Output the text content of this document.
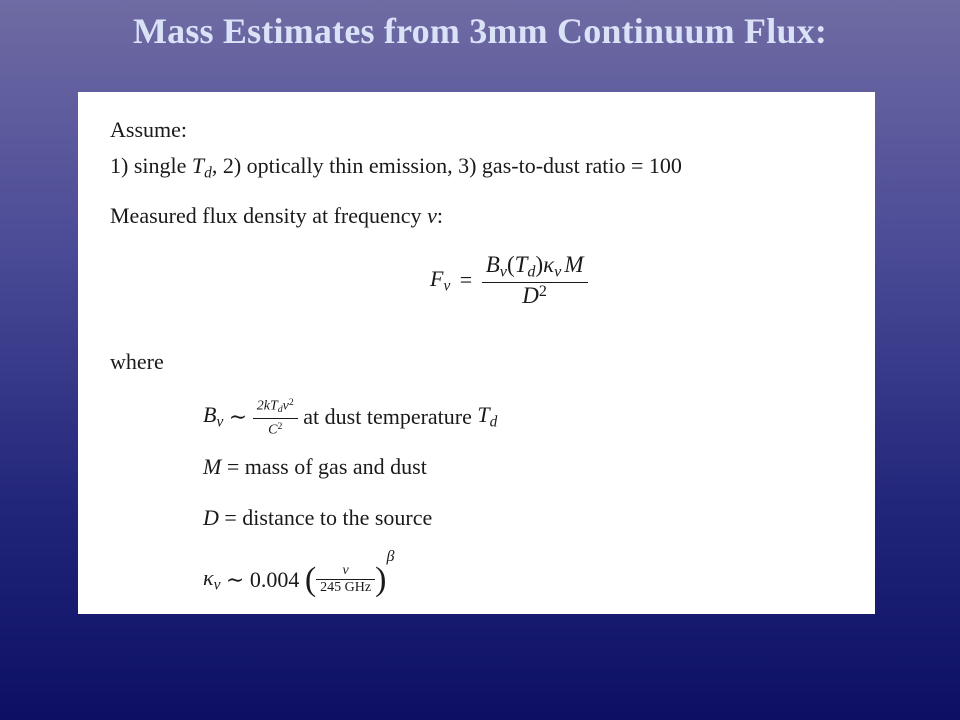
Mass Estimates from 3mm Continuum Flux:
Assume:
1) single $T_d$, 2) optically thin emission, 3) gas-to-dust ratio = 100
Measured flux density at frequency ν:
$F_\nu = \frac{B_\nu(T_d)\kappa_\nu M}{D^2}$
where
$B_\nu$ ∼ $\frac{2kT_d\nu^2}{C^2}$ at dust temperature $T_d$
M = mass of gas and dust
D = distance to the source
$\kappa_\nu$ ∼ 0.004 ( $\frac{\nu}{\text{245 GHz}} )^\beta$
